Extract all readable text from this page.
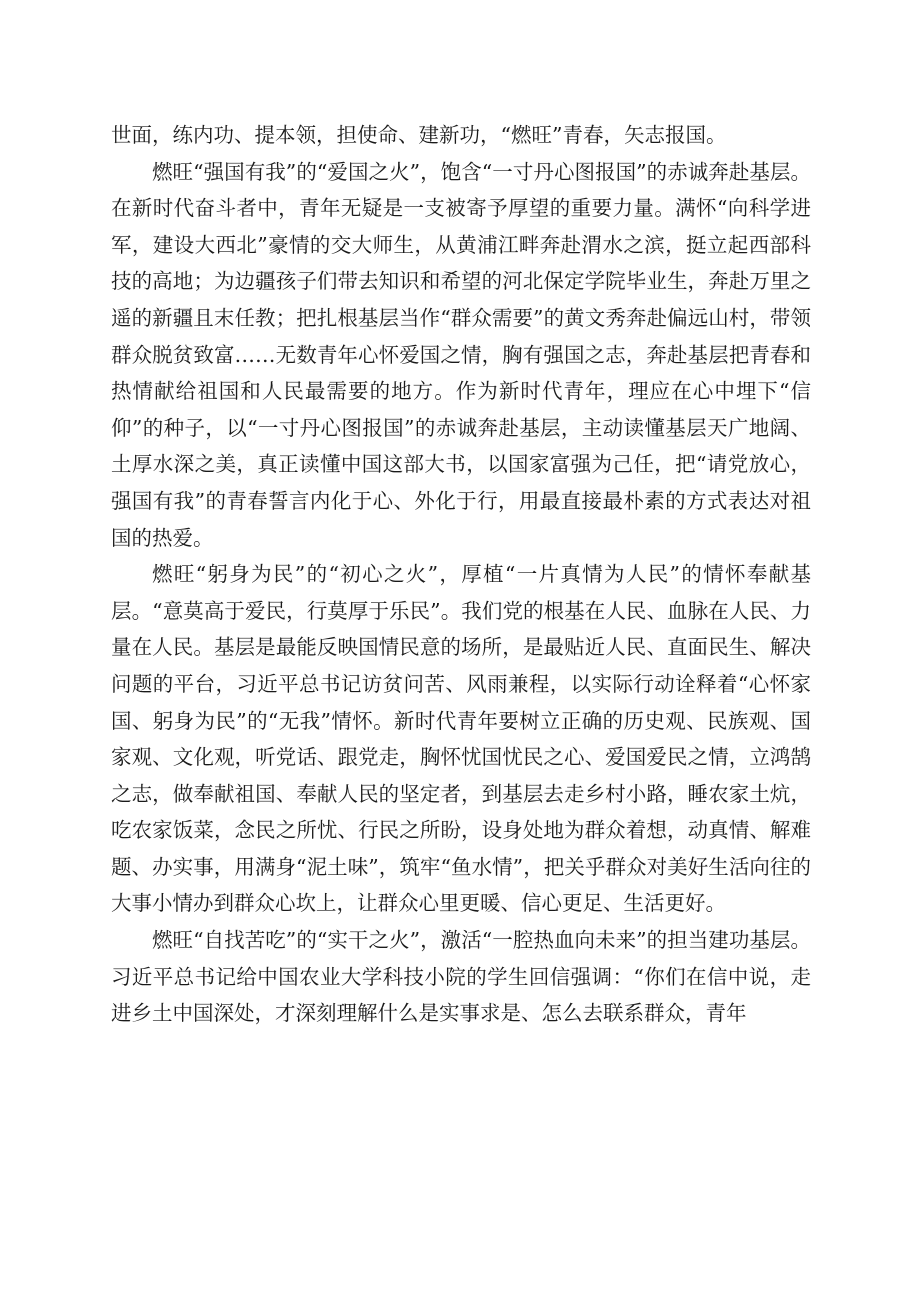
世面，练内功、提本领，担使命、建新功，“燃旺”青春，矢志报国。

燃旺“强国有我”的“爱国之火”，饱含“一寸丹心图报国”的赤诚奔赴基层。在新时代奋斗者中，青年无疑是一支被寄予厚望的重要力量。满怀“向科学进军，建设大西北”豪情的交大师生，从黄浦江畔奔赴渭水之滨，挺立起西部科技的高地；为边疆孩子们带去知识和希望的河北保定学院毕业生，奔赴万里之遥的新疆且末任教；把扎根基层当作“群众需要”的黄文秀奔赴偏远山村，带领群众脱贫致富……无数青年心怀爱国之情，胸有强国之志，奔赴基层把青春和热情献给祖国和人民最需要的地方。作为新时代青年，理应在心中埋下“信仰”的种子，以“一寸丹心图报国”的赤诚奔赴基层，主动读懂基层天广地阔、土厚水深之美，真正读懂中国这部大书，以国家富强为己任，把“请党放心，强国有我”的青春誓言内化于心、外化于行，用最直接最朴素的方式表达对祖国的热爱。

燃旺“躬身为民”的“初心之火”，厚植“一片真情为人民”的情怀奉献基层。“意莫高于爱民，行莫厚于乐民”。我们党的根基在人民、血脉在人民、力量在人民。基层是最能反映国情民意的场所，是最贴近人民、直面民生、解决问题的平台，习近平总书记访贫问苦、风雨兼程，以实际行动诠释着“心怀家国、躬身为民”的“无我”情怀。新时代青年要树立正确的历史观、民族观、国家观、文化观，听党话、跟党走，胸怀忧国忧民之心、爱国爱民之情，立鸿鹄之志，做奉献祖国、奉献人民的坚定者，到基层去走乡村小路，睡农家土炕，吃农家饭菜，念民之所忧、行民之所盼，设身处地为群众着想，动真情、解难题、办实事，用满身“泥土味”，筑牢“鱼水情”，把关乎群众对美好生活向往的大事小情办到群众心坎上，让群众心里更暖、信心更足、生活更好。

燃旺“自找苦吃”的“实干之火”，激活“一腔热血向未来”的担当建功基层。习近平总书记给中国农业大学科技小院的学生回信强调：“你们在信中说，走进乡土中国深处，才深刻理解什么是实事求是、怎么去联系群众，青年
